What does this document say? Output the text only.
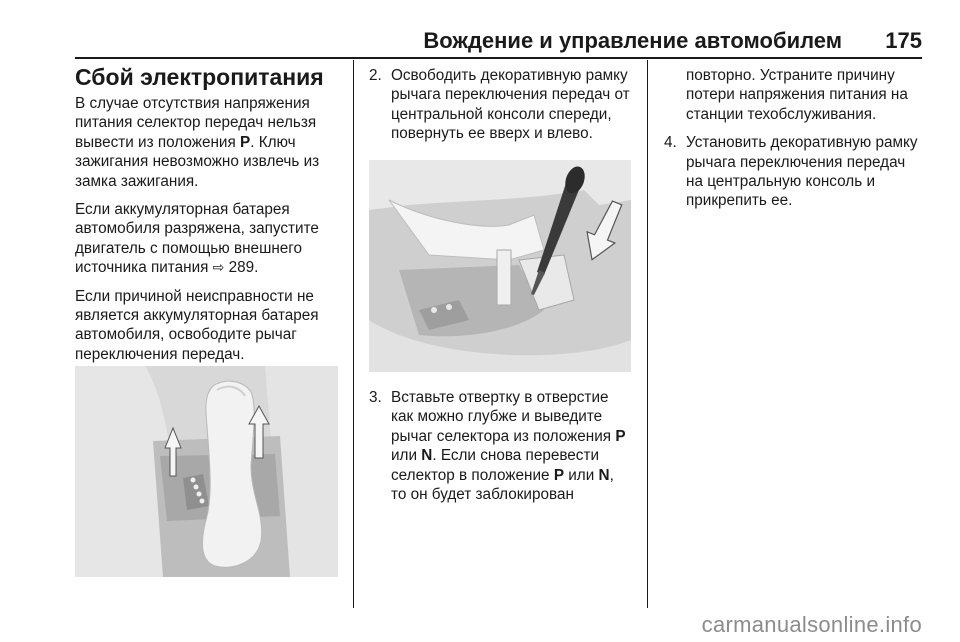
Вождение и управление автомобилем 175
Сбой электропитания

В случае отсутствия напряжения питания селектор передач нельзя вывести из положения P. Ключ зажигания невозможно извлечь из замка зажигания.

Если аккумуляторная батарея автомобиля разряжена, запустите двигатель с помощью внешнего источника питания ⇨ 289.

Если причиной неисправности не является аккумуляторная батарея автомобиля, освободите рычаг переключения передач.

2. Освободить декоративную рамку рычага переключения передач от центральной консоли спереди, повернуть ее вверх и влево.
3. Вставьте отвертку в отверстие как можно глубже и выведите рычаг селектора из положения P или N. Если снова перевести селектор в положение P или N, то он будет заблокирован
повторно. Устраните причину потери напряжения питания на станции техобслуживания.
4. Установить декоративную рамку рычага переключения передач на центральную консоль и прикрепить ее.
carmanualsonline.info
